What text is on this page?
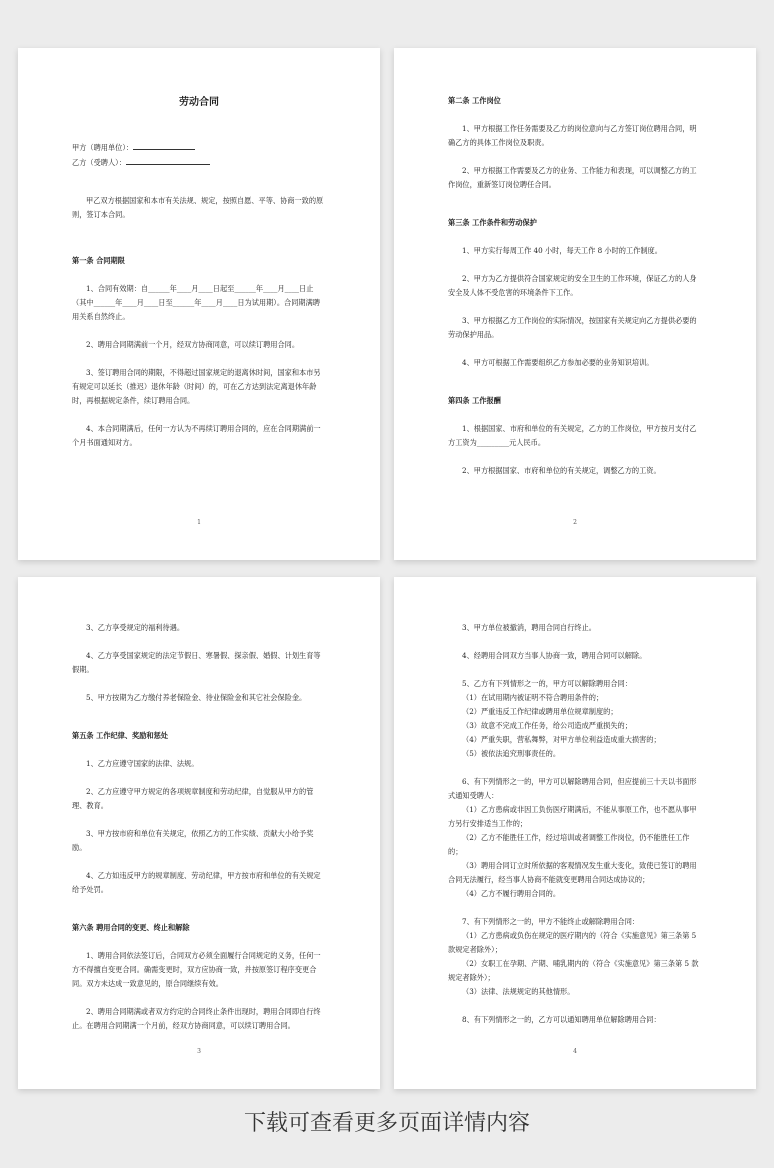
劳动合同

甲方（聘用单位）：

乙方（受聘人）：

甲乙双方根据国家和本市有关法规、规定，按照自愿、平等、协商一致的原则，签订本合同。

第一条 合同期限

1、合同有效期：自______年____月____日起至______年____月____日止（其中______年____月____日至______年____月____日为试用期）。合同期满聘用关系自然终止。

2、聘用合同期满前一个月，经双方协商同意，可以续订聘用合同。

3、签订聘用合同的期限，不得超过国家规定的退离休时间，国家和本市另有规定可以延长（推迟）退休年龄（时间）的，可在乙方达到法定离退休年龄时，再根据规定条件，续订聘用合同。

4、本合同期满后，任何一方认为不再续订聘用合同的，应在合同期满前一个月书面通知对方。

1

第二条 工作岗位

1、甲方根据工作任务需要及乙方的岗位意向与乙方签订岗位聘用合同，明确乙方的具体工作岗位及职责。

2、甲方根据工作需要及乙方的业务、工作能力和表现，可以调整乙方的工作岗位，重新签订岗位聘任合同。

第三条 工作条件和劳动保护

1、甲方实行每周工作 40 小时，每天工作 8 小时的工作制度。

2、甲方为乙方提供符合国家规定的安全卫生的工作环境，保证乙方的人身安全及人体不受危害的环境条件下工作。

3、甲方根据乙方工作岗位的实际情况，按国家有关规定向乙方提供必要的劳动保护用品。

4、甲方可根据工作需要组织乙方参加必要的业务知识培训。

第四条 工作报酬

1、根据国家、市府和单位的有关规定，乙方的工作岗位，甲方按月支付乙方工资为_________元人民币。

2、甲方根据国家、市府和单位的有关规定，调整乙方的工资。

2

3、乙方享受规定的福利待遇。

4、乙方享受国家规定的法定节假日、寒暑假、探亲假、婚假、计划生育等假期。

5、甲方按期为乙方缴付养老保险金、待业保险金和其它社会保险金。

第五条 工作纪律、奖励和惩处

1、乙方应遵守国家的法律、法规。

2、乙方应遵守甲方规定的各项规章制度和劳动纪律，自觉服从甲方的管理、教育。

3、甲方按市府和单位有关规定，依照乙方的工作实绩、贡献大小给予奖励。

4、乙方如违反甲方的规章制度、劳动纪律，甲方按市府和单位的有关规定给予处罚。

第六条 聘用合同的变更、终止和解除

1、聘用合同依法签订后，合同双方必须全面履行合同规定的义务，任何一方不得擅自变更合同。确需变更时，双方应协商一致，并按原签订程序变更合同。双方未达成一致意见的，原合同继续有效。

2、聘用合同期满或者双方约定的合同终止条件出现时，聘用合同即自行终止。在聘用合同期满一个月前，经双方协商同意，可以续订聘用合同。

3

3、甲方单位被撤消，聘用合同自行终止。

4、经聘用合同双方当事人协商一致，聘用合同可以解除。

5、乙方有下列情形之一的，甲方可以解除聘用合同：

（1）在试用期内被证明不符合聘用条件的；

（2）严重违反工作纪律或聘用单位规章制度的；

（3）故意不完成工作任务，给公司造成严重损失的；

（4）严重失职，营私舞弊，对甲方单位利益造成重大损害的；

（5）被依法追究刑事责任的。

6、有下列情形之一的，甲方可以解除聘用合同，但应提前三十天以书面形式通知受聘人：

（1）乙方患病或非因工负伤医疗期满后，不能从事原工作，也不愿从事甲方另行安排适当工作的；

（2）乙方不能胜任工作，经过培训或者调整工作岗位，仍不能胜任工作的；

（3）聘用合同订立时所依据的客观情况发生重大变化，致使已签订的聘用合同无法履行，经当事人协商不能就变更聘用合同达成协议的；

（4）乙方不履行聘用合同的。

7、有下列情形之一的，甲方不能终止或解除聘用合同：

（1）乙方患病或负伤在规定的医疗期内的（符合《实施意见》第三条第 5 款规定者除外）；

（2）女职工在孕期、产期、哺乳期内的（符合《实施意见》第三条第 5 款规定者除外）；

（3）法律、法规规定的其他情形。

8、有下列情形之一的，乙方可以通知聘用单位解除聘用合同：

4
下载可查看更多页面详情内容
